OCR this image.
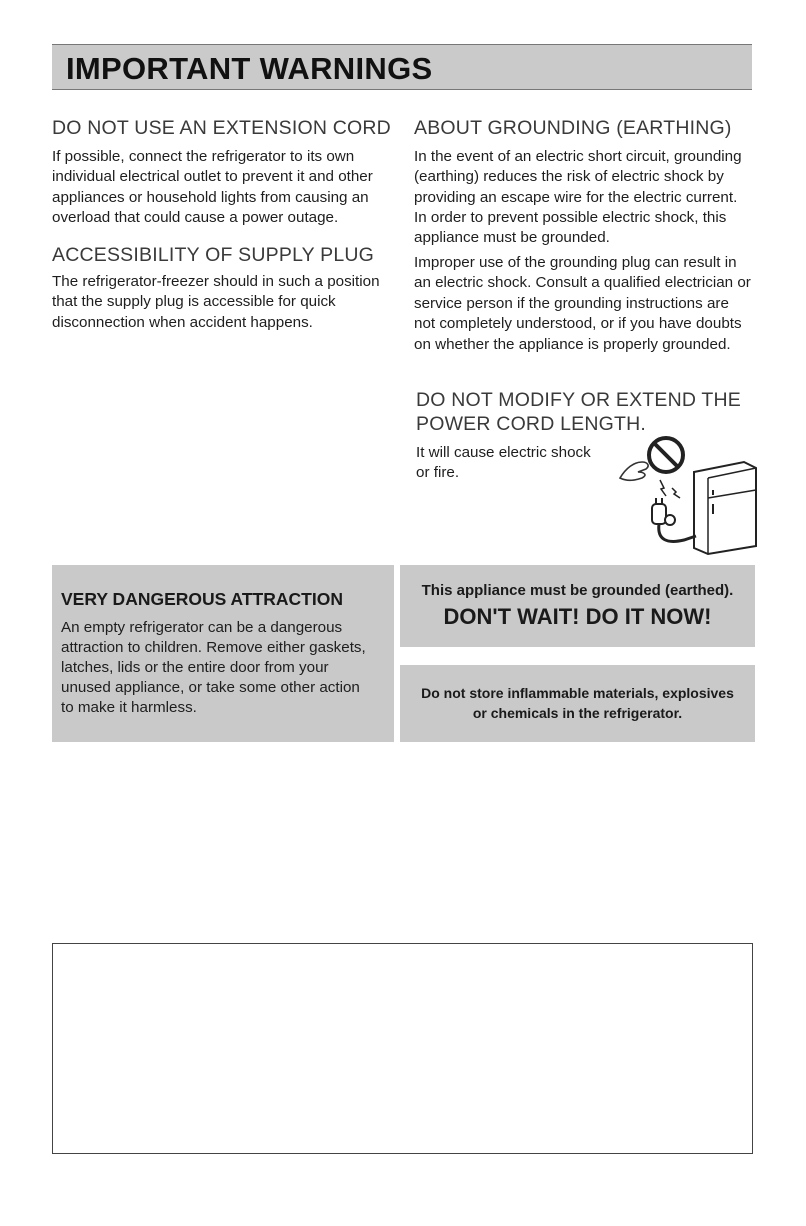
IMPORTANT WARNINGS
DO NOT USE AN EXTENSION CORD

If possible, connect the refrigerator to its own

individual electrical outlet to prevent it and other

appliances or household lights from causing an

overload that could cause a power outage.

ACCESSIBILITY OF SUPPLY PLUG

The refrigerator-freezer should in such a position

that the supply plug is accessible for quick

disconnection when accident happens.

ABOUT GROUNDING (EARTHING)

In the event of an electric short circuit, grounding

(earthing) reduces the risk of electric shock by

providing an escape wire for the electric current.

In order to prevent possible electric shock, this

appliance must be grounded.

Improper use of the grounding plug can result in

an electric shock. Consult a qualified electrician or

service person if the grounding instructions are

not completely understood, or if you have doubts

on whether the appliance is properly grounded.

DO NOT MODIFY OR EXTEND THE
POWER CORD LENGTH.

It will cause electric shock

or fire.

VERY DANGEROUS ATTRACTION
An empty refrigerator can be a dangerous
attraction to children. Remove either gaskets,
latches, lids or the entire door from your
unused appliance, or take some other action
to make it harmless.
This appliance must be grounded (earthed).
DON'T WAIT! DO IT NOW!
Do not store inflammable materials, explosives
or chemicals in the refrigerator.
